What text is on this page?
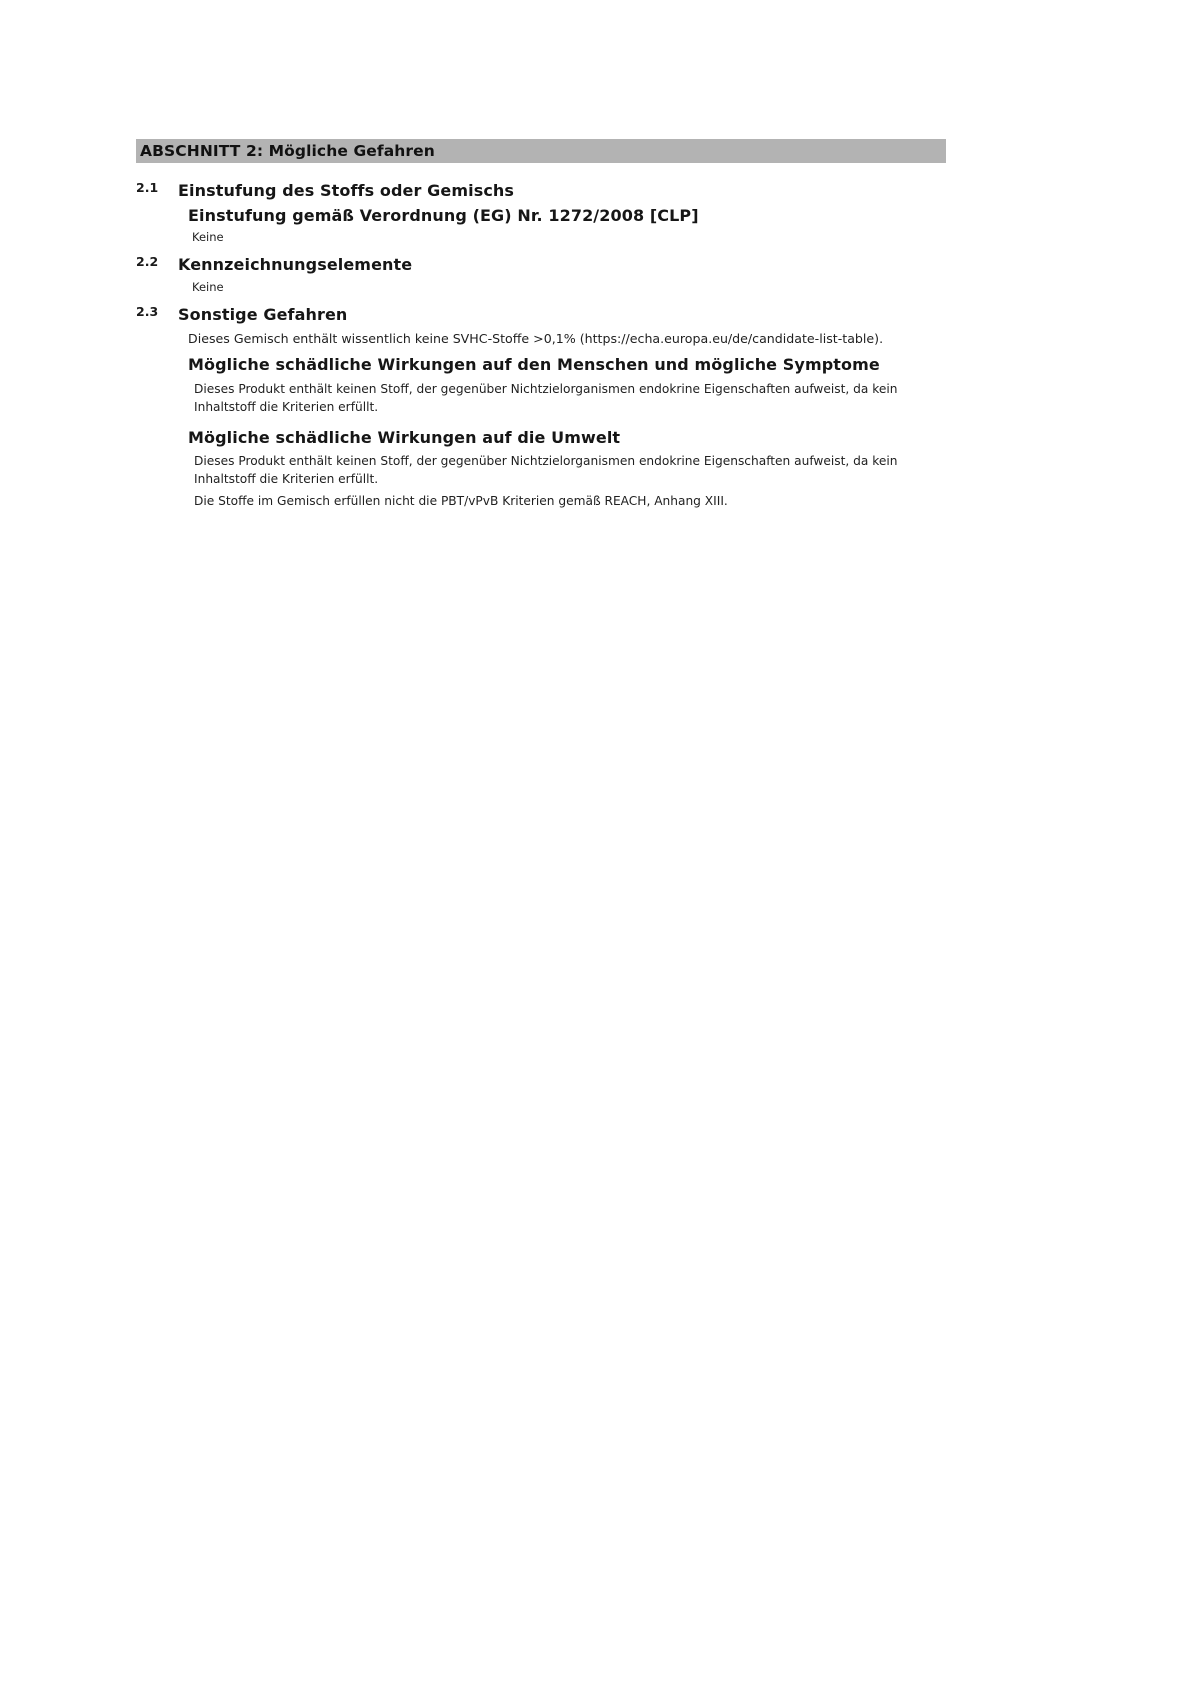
ABSCHNITT 2: Mögliche Gefahren
2.1	Einstufung des Stoffs oder Gemischs
Einstufung gemäß Verordnung (EG) Nr. 1272/2008 [CLP]
Keine
2.2	Kennzeichnungselemente
Keine
2.3	Sonstige Gefahren
Dieses Gemisch enthält wissentlich keine SVHC-Stoffe >0,1% (https://echa.europa.eu/de/candidate-list-table).
Mögliche schädliche Wirkungen auf den Menschen und mögliche Symptome
Dieses Produkt enthält keinen Stoff, der gegenüber Nichtzielorganismen endokrine Eigenschaften aufweist, da kein Inhaltstoff die Kriterien erfüllt.
Mögliche schädliche Wirkungen auf die Umwelt
Dieses Produkt enthält keinen Stoff, der gegenüber Nichtzielorganismen endokrine Eigenschaften aufweist, da kein Inhaltstoff die Kriterien erfüllt.
Die Stoffe im Gemisch erfüllen nicht die PBT/vPvB Kriterien gemäß REACH, Anhang XIII.
